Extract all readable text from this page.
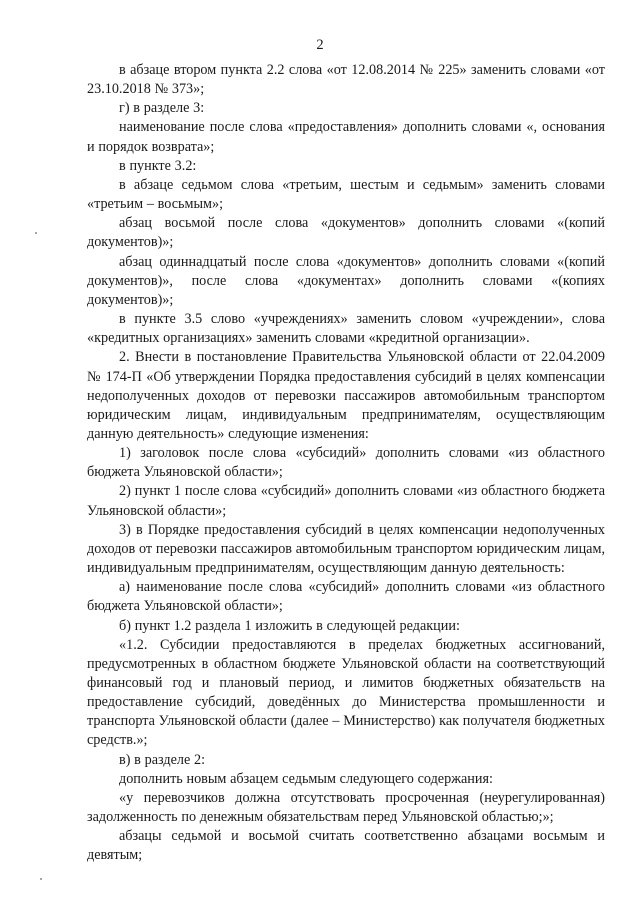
2

в абзаце втором пункта 2.2 слова «от 12.08.2014 № 225» заменить словами «от 23.10.2018 № 373»;

г) в разделе 3:

наименование после слова «предоставления» дополнить словами «, основания и порядок возврата»;

в пункте 3.2:

в абзаце седьмом слова «третьим, шестым и седьмым» заменить словами «третьим – восьмым»;

абзац восьмой после слова «документов» дополнить словами «(копий документов)»;

абзац одиннадцатый после слова «документов» дополнить словами «(копий документов)», после слова «документах» дополнить словами «(копиях документов)»;

в пункте 3.5 слово «учреждениях» заменить словом «учреждении», слова «кредитных организациях» заменить словами «кредитной организации».

2. Внести в постановление Правительства Ульяновской области от 22.04.2009 № 174-П «Об утверждении Порядка предоставления субсидий в целях компенсации недополученных доходов от перевозки пассажиров автомобильным транспортом юридическим лицам, индивидуальным предпринимателям, осуществляющим данную деятельность» следующие изменения:

1) заголовок после слова «субсидий» дополнить словами «из областного бюджета Ульяновской области»;

2) пункт 1 после слова «субсидий» дополнить словами «из областного бюджета Ульяновской области»;

3) в Порядке предоставления субсидий в целях компенсации недополученных доходов от перевозки пассажиров автомобильным транспортом юридическим лицам, индивидуальным предпринимателям, осуществляющим данную деятельность:

а) наименование после слова «субсидий» дополнить словами «из областного бюджета Ульяновской области»;

б) пункт 1.2 раздела 1 изложить в следующей редакции:

«1.2. Субсидии предоставляются в пределах бюджетных ассигнований, предусмотренных в областном бюджете Ульяновской области на соответствующий финансовый год и плановый период, и лимитов бюджетных обязательств на предоставление субсидий, доведённых до Министерства промышленности и транспорта Ульяновской области (далее – Министерство) как получателя бюджетных средств.»;

в) в разделе 2:

дополнить новым абзацем седьмым следующего содержания:

«у перевозчиков должна отсутствовать просроченная (неурегулированная) задолженность по денежным обязательствам перед Ульяновской областью;»;

абзацы седьмой и восьмой считать соответственно абзацами восьмым и девятым;
